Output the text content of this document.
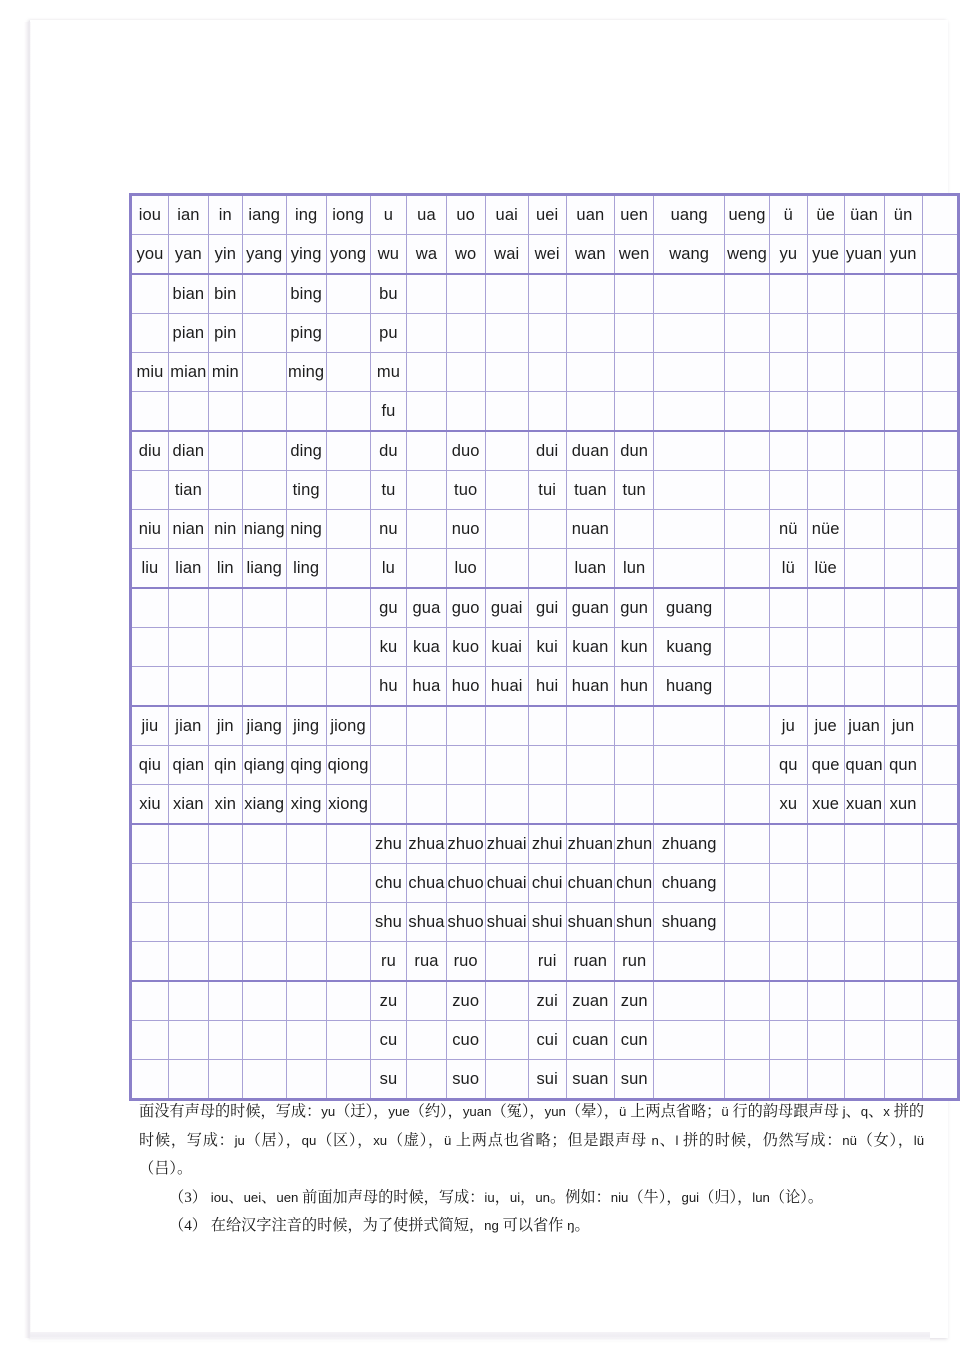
iou	ian	in	iang	ing	iong	u	ua	uo	uai	uei	uan	uen	uang	ueng	ü	üe	üan	ün	
you	yan	yin	yang	ying	yong	wu	wa	wo	wai	wei	wan	wen	wang	weng	yu	yue	yuan	yun	
	bian	bin		bing		bu													
	pian	pin		ping		pu													
miu	mian	min		ming		mu													
						fu													
diu	dian			ding		du		duo		dui	duan	dun							
	tian			ting		tu		tuo		tui	tuan	tun							
niu	nian	nin	niang	ning		nu		nuo			nuan				nü	nüe			
liu	lian	lin	liang	ling		lu		luo			luan	lun			lü	lüe			
						gu	gua	guo	guai	gui	guan	gun	guang						
						ku	kua	kuo	kuai	kui	kuan	kun	kuang						
						hu	hua	huo	huai	hui	huan	hun	huang						
jiu	jian	jin	jiang	jing	jiong										ju	jue	juan	jun	
qiu	qian	qin	qiang	qing	qiong										qu	que	quan	qun	
xiu	xian	xin	xiang	xing	xiong										xu	xue	xuan	xun	
						zhu	zhua	zhuo	zhuai	zhui	zhuan	zhun	zhuang						
						chu	chua	chuo	chuai	chui	chuan	chun	chuang						
						shu	shua	shuo	shuai	shui	shuan	shun	shuang						
						ru	rua	ruo		rui	ruan	run							
						zu		zuo		zui	zuan	zun							
						cu		cuo		cui	cuan	cun							
						su		suo		sui	suan	sun							

面没有声母的时候，写成：yu（迂），yue（约），yuan（冤），yun（晕），ü 上两点省略；ü 行的韵母跟声母 j、q、x 拼的时候，写成：ju（居），qu（区），xu（虚），ü 上两点也省略；但是跟声母 n、l 拼的时候，仍然写成：nü（女），lü（吕）。

（3） iou、uei、uen 前面加声母的时候，写成：iu，ui，un。例如：niu（牛），gui（归），lun（论）。

（4） 在给汉字注音的时候，为了使拼式简短，ng 可以省作 ŋ。
